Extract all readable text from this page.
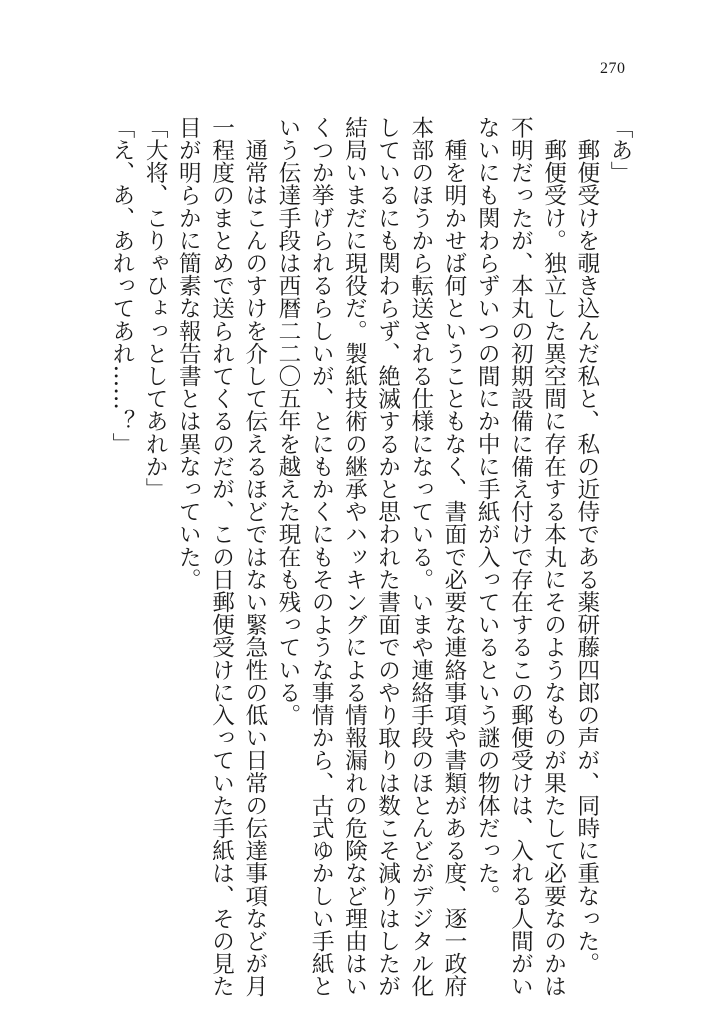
270

「あ」

　郵便受けを覗き込んだ私と、私の近侍である薬研藤四郎の声が、同時に重なった。

　郵便受け。独立した異空間に存在する本丸にそのようなものが果たして必要なのかは

不明だったが、本丸の初期設備に備え付けで存在するこの郵便受けは、入れる人間がい

ないにも関わらずいつの間にか中に手紙が入っているという謎の物体だった。

　種を明かせば何ということもなく、書面で必要な連絡事項や書類がある度、逐一政府

本部のほうから転送される仕様になっている。いまや連絡手段のほとんどがデジタル化

しているにも関わらず、絶滅するかと思われた書面でのやり取りは数こそ減りはしたが

結局いまだに現役だ。製紙技術の継承やハッキングによる情報漏れの危険など理由はい

くつか挙げられるらしいが、とにもかくにもそのような事情から、古式ゆかしい手紙と

いう伝達手段は西暦二二〇五年を越えた現在も残っている。

　通常はこんのすけを介して伝えるほどではない緊急性の低い日常の伝達事項などが月

一程度のまとめで送られてくるのだが、この日郵便受けに入っていた手紙は、その見た

目が明らかに簡素な報告書とは異なっていた。

「大将、こりゃひょっとしてあれか」

「え、あ、あれってあれ……？」
